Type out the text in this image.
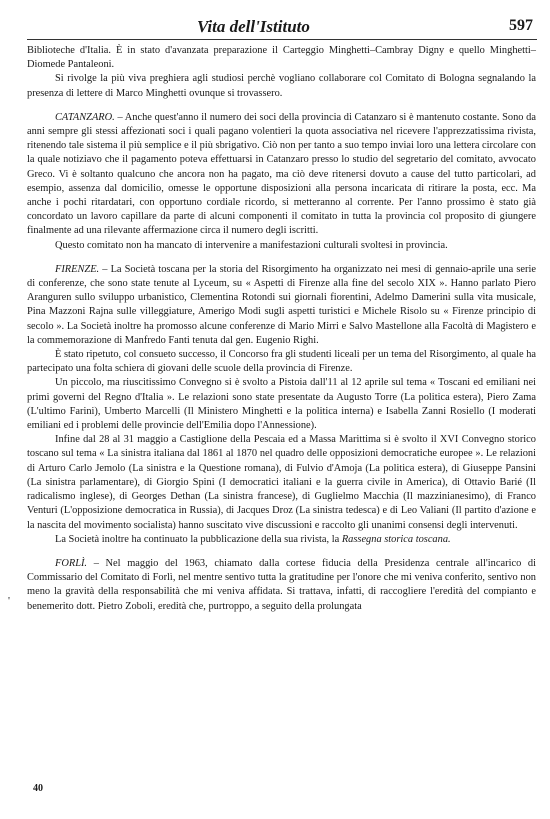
Vita dell'Istituto	597

Biblioteche d'Italia. È in stato d'avanzata preparazione il Carteggio Minghetti–Cambray Digny e quello Minghetti–Diomede Pantaleoni.

Si rivolge la più viva preghiera agli studiosi perchè vogliano collaborare col Comitato di Bologna segnalando la presenza di lettere di Marco Minghetti ovunque si trovassero.

CATANZARO. – Anche quest'anno il numero dei soci della provincia di Catanzaro si è mantenuto costante. Sono da anni sempre gli stessi affezionati soci i quali pagano volentieri la quota associativa nel ricevere l'apprezzatissima rivista, ritenendo tale sistema il più semplice e il più sbrigativo. Ciò non per tanto a suo tempo inviai loro una lettera circolare con la quale notiziavo che il pagamento poteva effettuarsi in Catanzaro presso lo studio del segretario del comitato, avvocato Greco. Vi è soltanto qualcuno che ancora non ha pagato, ma ciò deve ritenersi dovuto a cause del tutto particolari, ad esempio, assenza dal domicilio, omesse le opportune disposizioni alla persona incaricata di ritirare la posta, ecc. Ma anche i pochi ritardatari, con opportuno cordiale ricordo, si metteranno al corrente. Per l'anno prossimo è stato già concordato un lavoro capillare da parte di alcuni componenti il comitato in tutta la provincia col proposito di giungere finalmente ad una rilevante affermazione circa il numero degli iscritti.

Questo comitato non ha mancato di intervenire a manifestazioni culturali svoltesi in provincia.

FIRENZE. – La Società toscana per la storia del Risorgimento ha organizzato nei mesi di gennaio-aprile una serie di conferenze, che sono state tenute al Lyceum, su « Aspetti di Firenze alla fine del secolo XIX ». Hanno parlato Piero Aranguren sullo sviluppo urbanistico, Clementina Rotondi sui giornali fiorentini, Adelmo Damerini sulla vita musicale, Pina Mazzoni Rajna sulle villeggiature, Amerigo Modi sugli aspetti turistici e Michele Risolo su « Firenze principio di secolo ». La Società inoltre ha promosso alcune conferenze di Mario Mirri e Salvo Mastellone alla Facoltà di Magistero e la commemorazione di Manfredo Fanti tenuta dal gen. Eugenio Righi.

È stato ripetuto, col consueto successo, il Concorso fra gli studenti liceali per un tema del Risorgimento, al quale ha partecipato una folta schiera di giovani delle scuole della provincia di Firenze.

Un piccolo, ma riuscitissimo Convegno si è svolto a Pistoia dall'11 al 12 aprile sul tema « Toscani ed emiliani nei primi governi del Regno d'Italia ». Le relazioni sono state presentate da Augusto Torre (La politica estera), Piero Zama (L'ultimo Farini), Umberto Marcelli (Il Ministero Minghetti e la politica interna) e Isabella Zanni Rosiello (I moderati emiliani ed i problemi delle provincie dell'Emilia dopo l'Annessione).

Infine dal 28 al 31 maggio a Castiglione della Pescaia ed a Massa Marittima si è svolto il XVI Convegno storico toscano sul tema « La sinistra italiana dal 1861 al 1870 nel quadro delle opposizioni democratiche europee ». Le relazioni di Arturo Carlo Jemolo (La sinistra e la Questione romana), di Fulvio d'Amoja (La politica estera), di Giuseppe Pansini (La sinistra parlamentare), di Giorgio Spini (I democratici italiani e la guerra civile in America), di Ottavio Barié (Il radicalismo inglese), di Georges Dethan (La sinistra francese), di Guglielmo Macchia (Il mazzinianesimo), di Franco Venturi (L'opposizione democratica in Russia), di Jacques Droz (La sinistra tedesca) e di Leo Valiani (Il partito d'azione e la nascita del movimento socialista) hanno suscitato vive discussioni e raccolto gli unanimi consensi degli intervenuti.

La Società inoltre ha continuato la pubblicazione della sua rivista, la Rassegna storica toscana.

FORLÌ. – Nel maggio del 1963, chiamato dalla cortese fiducia della Presidenza centrale all'incarico di Commissario del Comitato di Forlì, nel mentre sentivo tutta la gratitudine per l'onore che mi veniva conferito, sentivo non meno la gravità della responsabilità che mi veniva affidata. Si trattava, infatti, di raccogliere l'eredità del compianto e benemerito dott. Pietro Zoboli, eredità che, purtroppo, a seguito della prolungata

'
40
